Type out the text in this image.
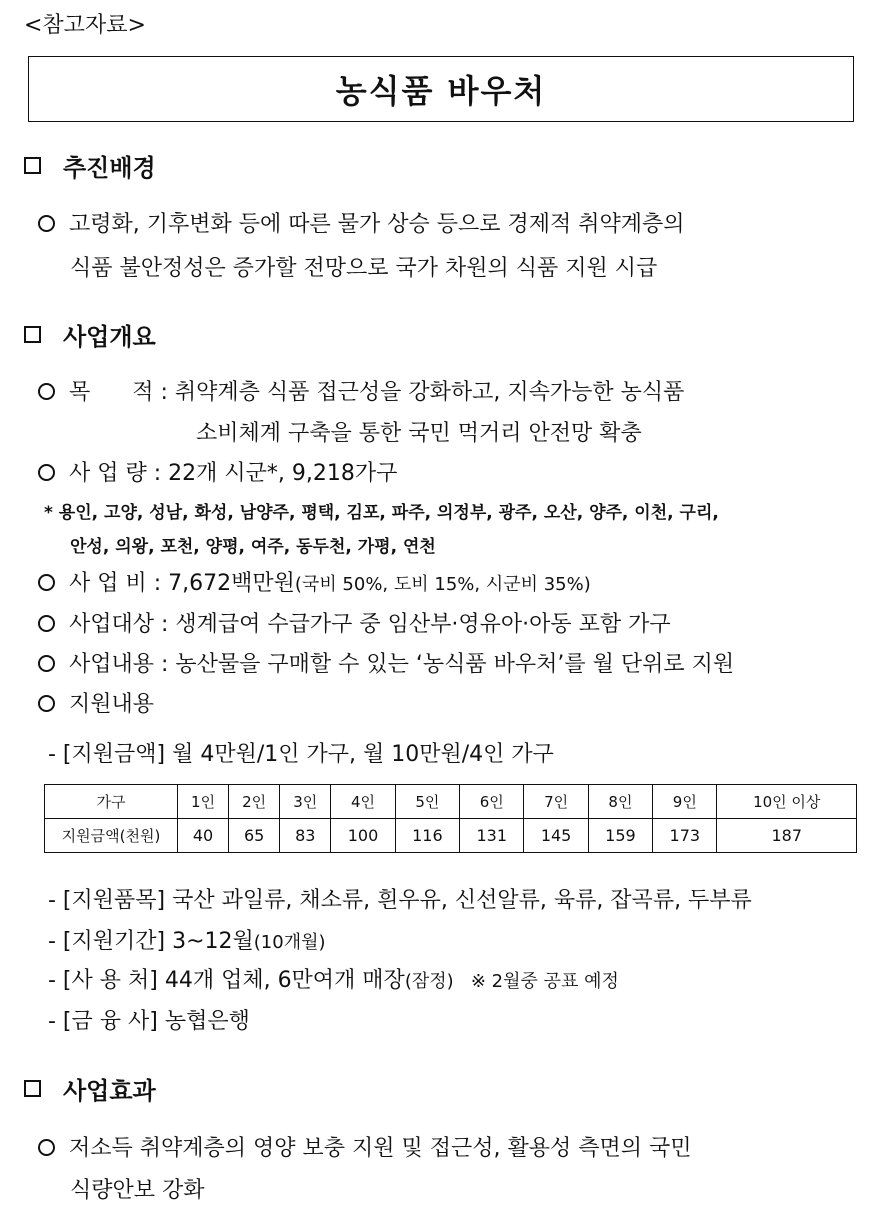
<참고자료>
농식품 바우처
추진배경
고령화, 기후변화 등에 따른 물가 상승 등으로 경제적 취약계층의
식품 불안정성은 증가할 전망으로 국가 차원의 식품 지원 시급
사업개요
목      적 : 취약계층 식품 접근성을 강화하고, 지속가능한 농식품
소비체계 구축을 통한 국민 먹거리 안전망 확충
사 업 량 : 22개 시군*, 9,218가구
* 용인, 고양, 성남, 화성, 남양주, 평택, 김포, 파주, 의정부, 광주, 오산, 양주, 이천, 구리,
안성, 의왕, 포천, 양평, 여주, 동두천, 가평, 연천
사 업 비 : 7,672백만원(국비 50%, 도비 15%, 시군비 35%)
사업대상 : 생계급여 수급가구 중 임산부·영유아·아동 포함 가구
사업내용 : 농산물을 구매할 수 있는 ‘농식품 바우처’를 월 단위로 지원
지원내용
- [지원금액] 월 4만원/1인 가구, 월 10만원/4인 가구
가구	1인	2인	3인	4인	5인	6인	7인	8인	9인	10인 이상
지원금액(천원)	40	65	83	100	116	131	145	159	173	187
- [지원품목] 국산 과일류, 채소류, 흰우유, 신선알류, 육류, 잡곡류, 두부류
- [지원기간] 3~12월(10개월)
- [사 용 처] 44개 업체, 6만여개 매장(잠정)   ※ 2월중 공표 예정
- [금 융 사] 농협은행
사업효과
저소득 취약계층의 영양 보충 지원 및 접근성, 활용성 측면의 국민
식량안보 강화
